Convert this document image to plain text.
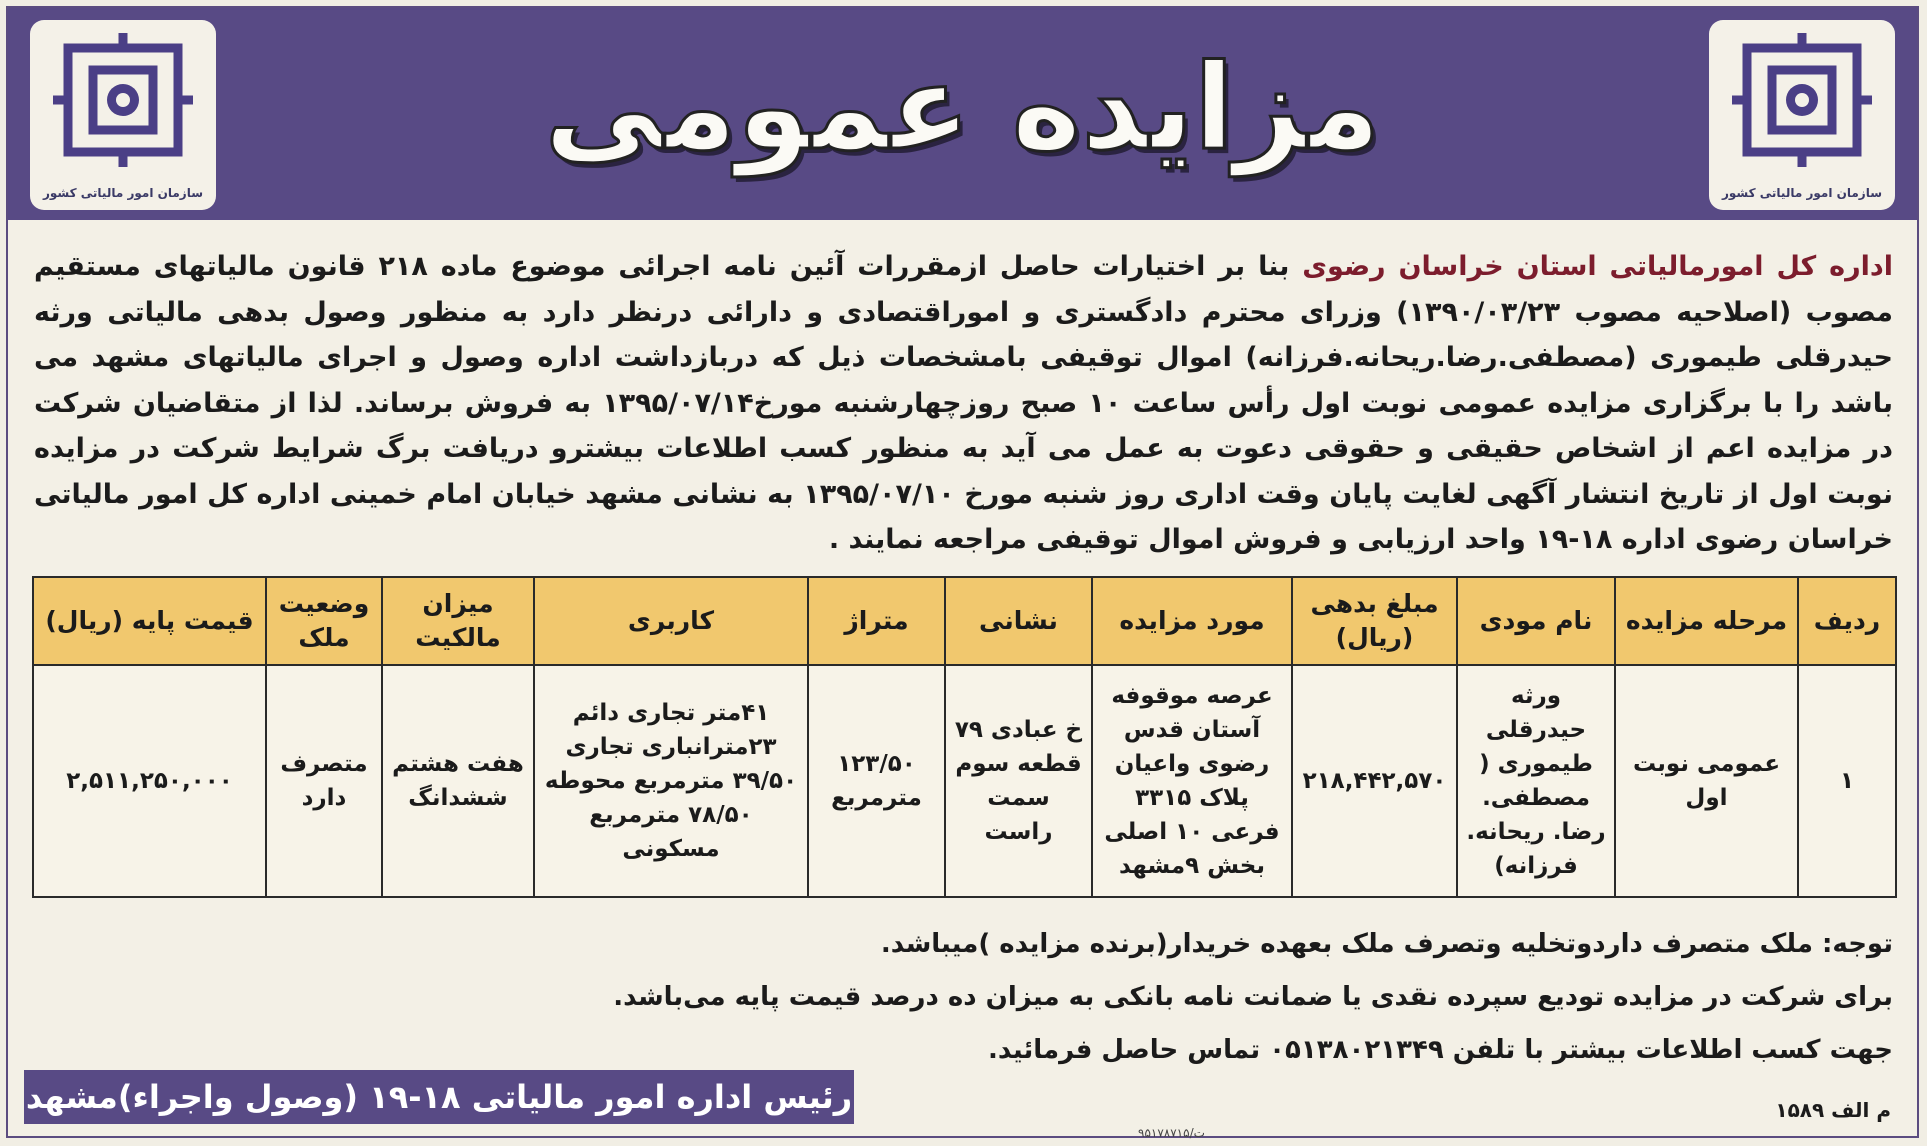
سازمان امور مالیاتی کشور
مزایده عمومی
سازمان امور مالیاتی کشور
اداره کل امورمالیاتی استان خراسان رضوی بنا بر اختیارات حاصل ازمقررات آئین نامه اجرائی موضوع ماده ۲۱۸ قانون مالیاتهای مستقیم مصوب (اصلاحیه مصوب ۱۳۹۰/۰۳/۲۳) وزرای محترم دادگستری و اموراقتصادی و دارائی درنظر دارد به منظور وصول بدهی مالیاتی ورثه حیدرقلی طیموری (مصطفی.رضا.ریحانه.فرزانه) اموال توقیفی بامشخصات ذیل که دربازداشت اداره وصول و اجرای مالیاتهای مشهد می باشد را با برگزاری مزایده عمومی نوبت اول رأس ساعت ۱۰ صبح روزچهارشنبه مورخ۱۳۹۵/۰۷/۱۴ به فروش برساند. لذا از متقاضیان شرکت در مزایده اعم از اشخاص حقیقی و حقوقی دعوت به عمل می آید به منظور کسب اطلاعات بیشترو دریافت برگ شرایط شرکت در مزایده نوبت اول از تاریخ انتشار آگهی لغایت پایان وقت اداری روز شنبه مورخ ۱۳۹۵/۰۷/۱۰ به نشانی مشهد خیابان امام خمینی اداره کل امور مالیاتی خراسان رضوی اداره ۱۸-۱۹ واحد ارزیابی و فروش اموال توقیفی مراجعه نمایند .
ردیف	مرحله مزایده	نام مودی	مبلغ بدهی (ریال)	مورد مزایده	نشانی	متراژ	کاربری	میزان مالکیت	وضعیت ملک	قیمت پایه (ریال)
۱	عمومی نوبت اول	ورثه حیدرقلی طیموری ( مصطفی. رضا. ریحانه. فرزانه)	۲۱۸,۴۴۲,۵۷۰	عرصه موقوفه آستان قدس رضوی واعیان پلاک ۳۳۱۵ فرعی ۱۰ اصلی بخش ۹مشهد	خ عبادی ۷۹ قطعه سوم سمت راست	۱۲۳/۵۰ مترمربع	۴۱متر تجاری دائم ۲۳مترانباری تجاری ۳۹/۵۰ مترمربع محوطه ۷۸/۵۰ مترمربع مسکونی	هفت هشتم ششدانگ	متصرف دارد	۲,۵۱۱,۲۵۰,۰۰۰

توجه: ملک متصرف داردوتخلیه وتصرف ملک بعهده خریدار(برنده مزایده )میباشد.

برای شرکت در مزایده تودیع سپرده نقدی یا ضمانت نامه بانکی به میزان ده درصد قیمت پایه می‌باشد.

جهت کسب اطلاعات بیشتر با تلفن ۰۵۱۳۸۰۲۱۳۴۹ تماس حاصل فرمائید.

رئیس اداره امور مالیاتی ۱۸-۱۹ (وصول واجراء)مشهد	م الف ۱۵۸۹
۹۵۱۷۸۷۱۵/ت
